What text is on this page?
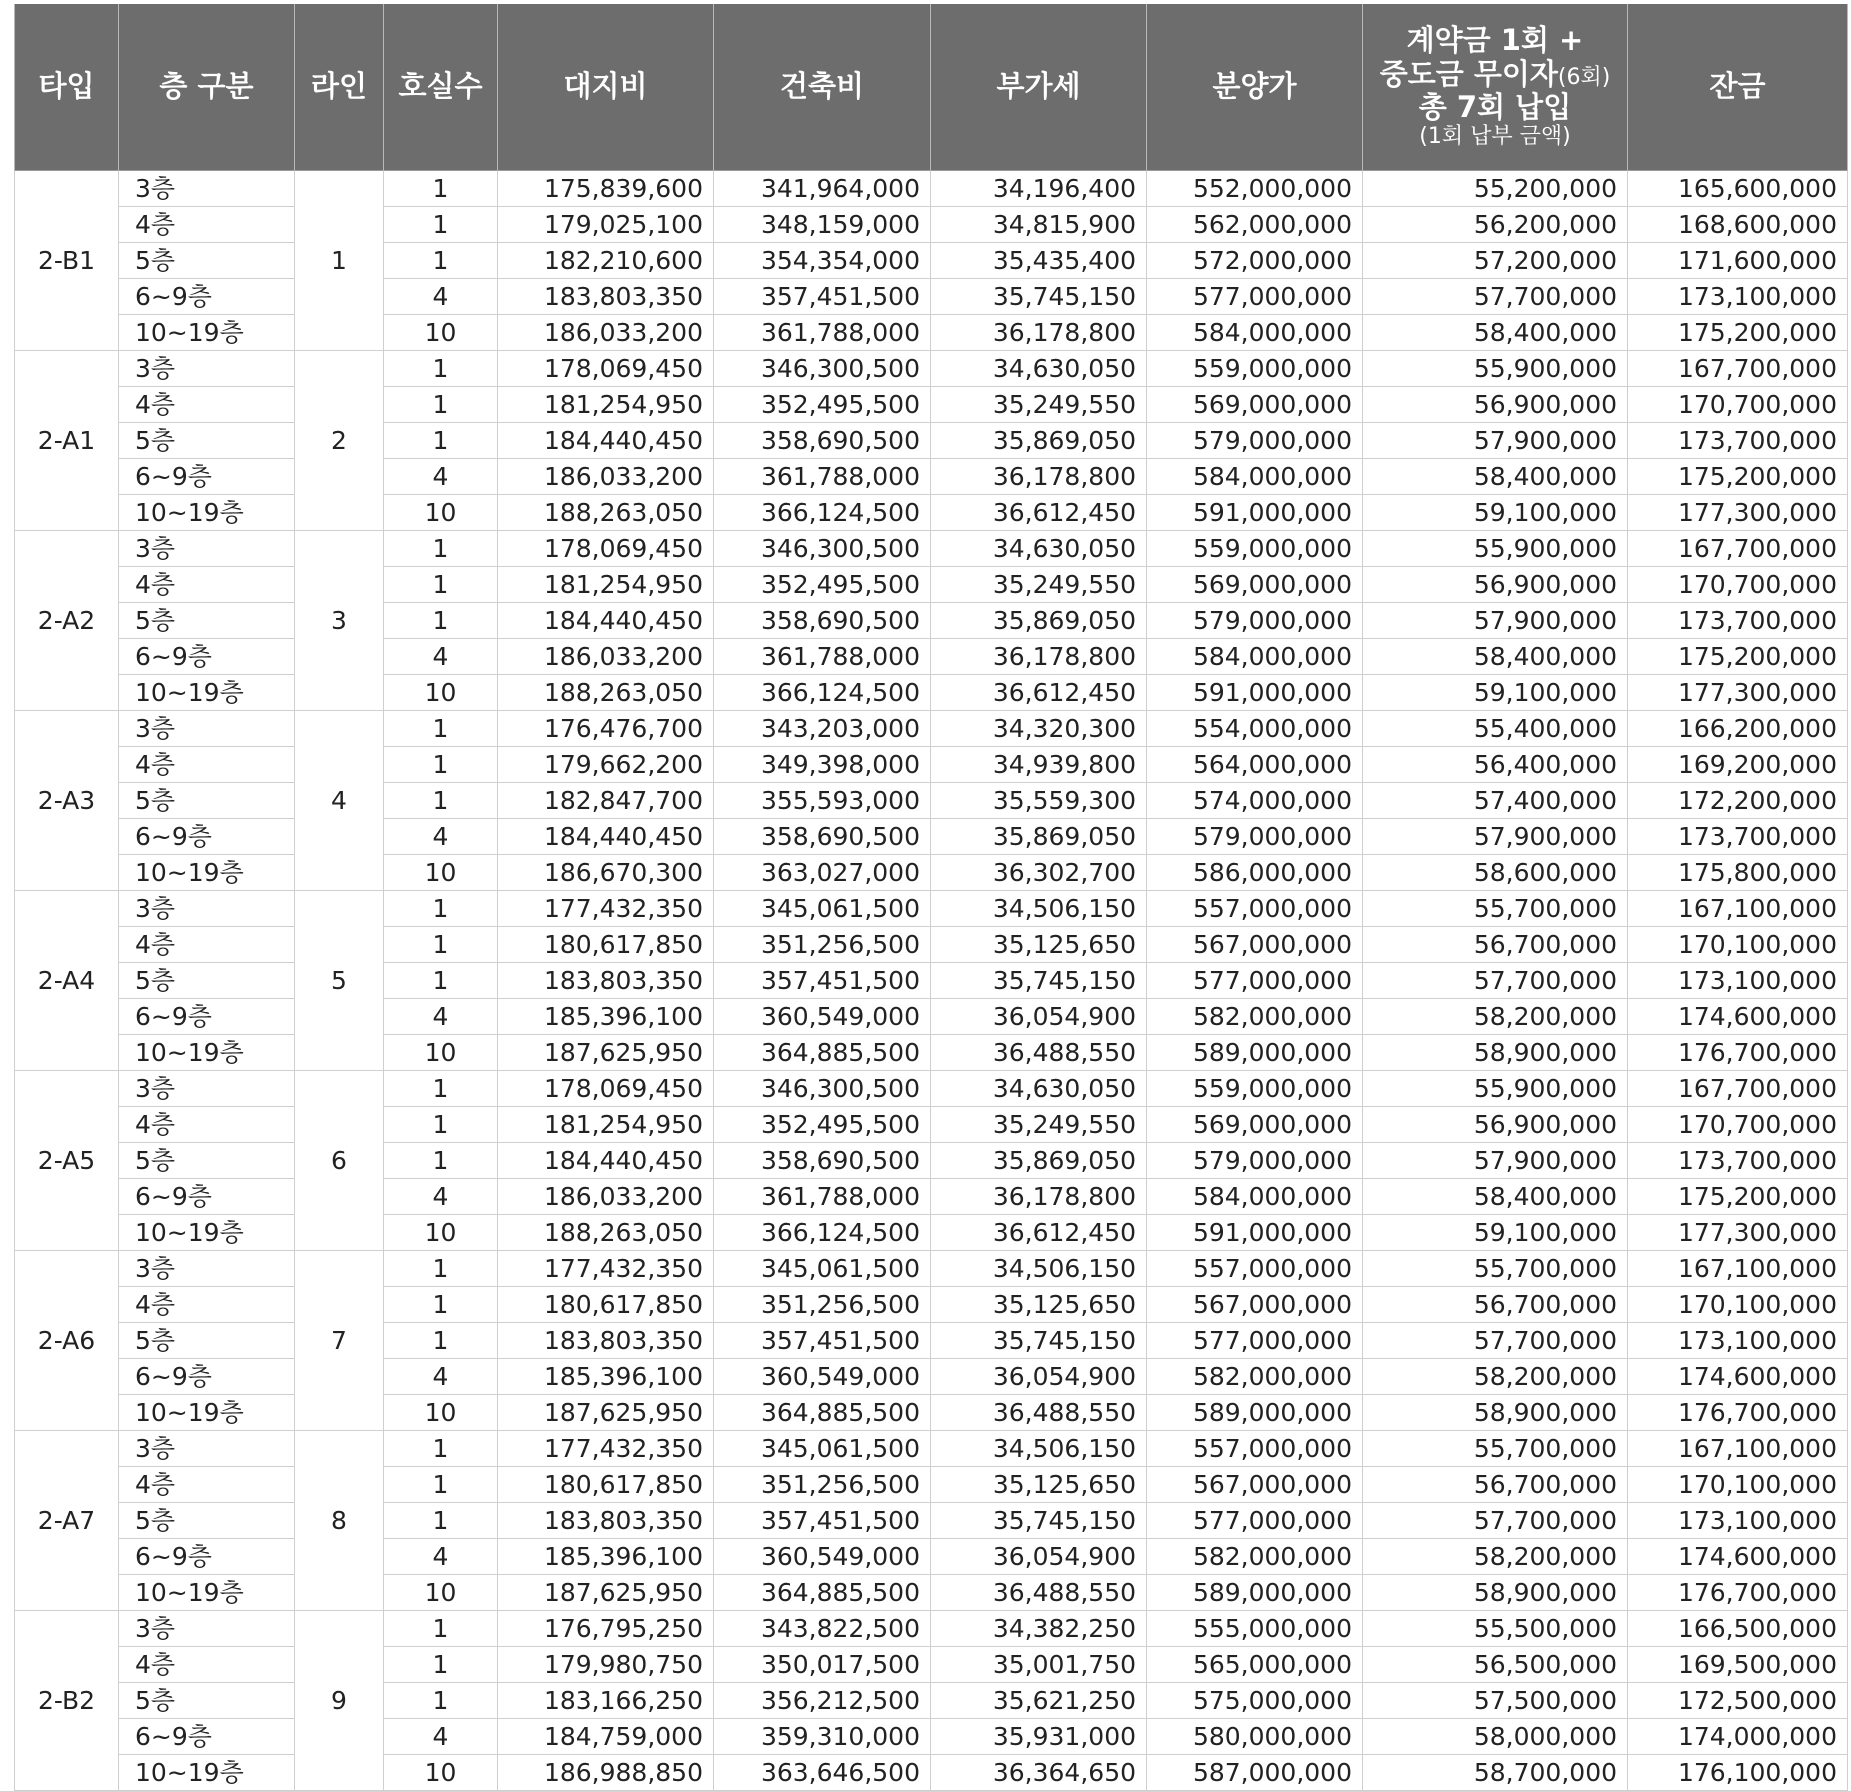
타입	층 구분	라인	호실수	대지비	건축비	부가세	분양가	계약금 1회 +
중도금 무이자(6회)
총 7회 납입
(1회 납부 금액)	잔금
2-B1	3층	1	1	175,839,600	341,964,000	34,196,400	552,000,000	55,200,000	165,600,000
	4층		1	179,025,100	348,159,000	34,815,900	562,000,000	56,200,000	168,600,000
	5층		1	182,210,600	354,354,000	35,435,400	572,000,000	57,200,000	171,600,000
	6~9층		4	183,803,350	357,451,500	35,745,150	577,000,000	57,700,000	173,100,000
	10~19층		10	186,033,200	361,788,000	36,178,800	584,000,000	58,400,000	175,200,000
2-A1	3층	2	1	178,069,450	346,300,500	34,630,050	559,000,000	55,900,000	167,700,000
	4층		1	181,254,950	352,495,500	35,249,550	569,000,000	56,900,000	170,700,000
	5층		1	184,440,450	358,690,500	35,869,050	579,000,000	57,900,000	173,700,000
	6~9층		4	186,033,200	361,788,000	36,178,800	584,000,000	58,400,000	175,200,000
	10~19층		10	188,263,050	366,124,500	36,612,450	591,000,000	59,100,000	177,300,000
2-A2	3층	3	1	178,069,450	346,300,500	34,630,050	559,000,000	55,900,000	167,700,000
	4층		1	181,254,950	352,495,500	35,249,550	569,000,000	56,900,000	170,700,000
	5층		1	184,440,450	358,690,500	35,869,050	579,000,000	57,900,000	173,700,000
	6~9층		4	186,033,200	361,788,000	36,178,800	584,000,000	58,400,000	175,200,000
	10~19층		10	188,263,050	366,124,500	36,612,450	591,000,000	59,100,000	177,300,000
2-A3	3층	4	1	176,476,700	343,203,000	34,320,300	554,000,000	55,400,000	166,200,000
	4층		1	179,662,200	349,398,000	34,939,800	564,000,000	56,400,000	169,200,000
	5층		1	182,847,700	355,593,000	35,559,300	574,000,000	57,400,000	172,200,000
	6~9층		4	184,440,450	358,690,500	35,869,050	579,000,000	57,900,000	173,700,000
	10~19층		10	186,670,300	363,027,000	36,302,700	586,000,000	58,600,000	175,800,000
2-A4	3층	5	1	177,432,350	345,061,500	34,506,150	557,000,000	55,700,000	167,100,000
	4층		1	180,617,850	351,256,500	35,125,650	567,000,000	56,700,000	170,100,000
	5층		1	183,803,350	357,451,500	35,745,150	577,000,000	57,700,000	173,100,000
	6~9층		4	185,396,100	360,549,000	36,054,900	582,000,000	58,200,000	174,600,000
	10~19층		10	187,625,950	364,885,500	36,488,550	589,000,000	58,900,000	176,700,000
2-A5	3층	6	1	178,069,450	346,300,500	34,630,050	559,000,000	55,900,000	167,700,000
	4층		1	181,254,950	352,495,500	35,249,550	569,000,000	56,900,000	170,700,000
	5층		1	184,440,450	358,690,500	35,869,050	579,000,000	57,900,000	173,700,000
	6~9층		4	186,033,200	361,788,000	36,178,800	584,000,000	58,400,000	175,200,000
	10~19층		10	188,263,050	366,124,500	36,612,450	591,000,000	59,100,000	177,300,000
2-A6	3층	7	1	177,432,350	345,061,500	34,506,150	557,000,000	55,700,000	167,100,000
	4층		1	180,617,850	351,256,500	35,125,650	567,000,000	56,700,000	170,100,000
	5층		1	183,803,350	357,451,500	35,745,150	577,000,000	57,700,000	173,100,000
	6~9층		4	185,396,100	360,549,000	36,054,900	582,000,000	58,200,000	174,600,000
	10~19층		10	187,625,950	364,885,500	36,488,550	589,000,000	58,900,000	176,700,000
2-A7	3층	8	1	177,432,350	345,061,500	34,506,150	557,000,000	55,700,000	167,100,000
	4층		1	180,617,850	351,256,500	35,125,650	567,000,000	56,700,000	170,100,000
	5층		1	183,803,350	357,451,500	35,745,150	577,000,000	57,700,000	173,100,000
	6~9층		4	185,396,100	360,549,000	36,054,900	582,000,000	58,200,000	174,600,000
	10~19층		10	187,625,950	364,885,500	36,488,550	589,000,000	58,900,000	176,700,000
2-B2	3층	9	1	176,795,250	343,822,500	34,382,250	555,000,000	55,500,000	166,500,000
	4층		1	179,980,750	350,017,500	35,001,750	565,000,000	56,500,000	169,500,000
	5층		1	183,166,250	356,212,500	35,621,250	575,000,000	57,500,000	172,500,000
	6~9층		4	184,759,000	359,310,000	35,931,000	580,000,000	58,000,000	174,000,000
	10~19층		10	186,988,850	363,646,500	36,364,650	587,000,000	58,700,000	176,100,000
